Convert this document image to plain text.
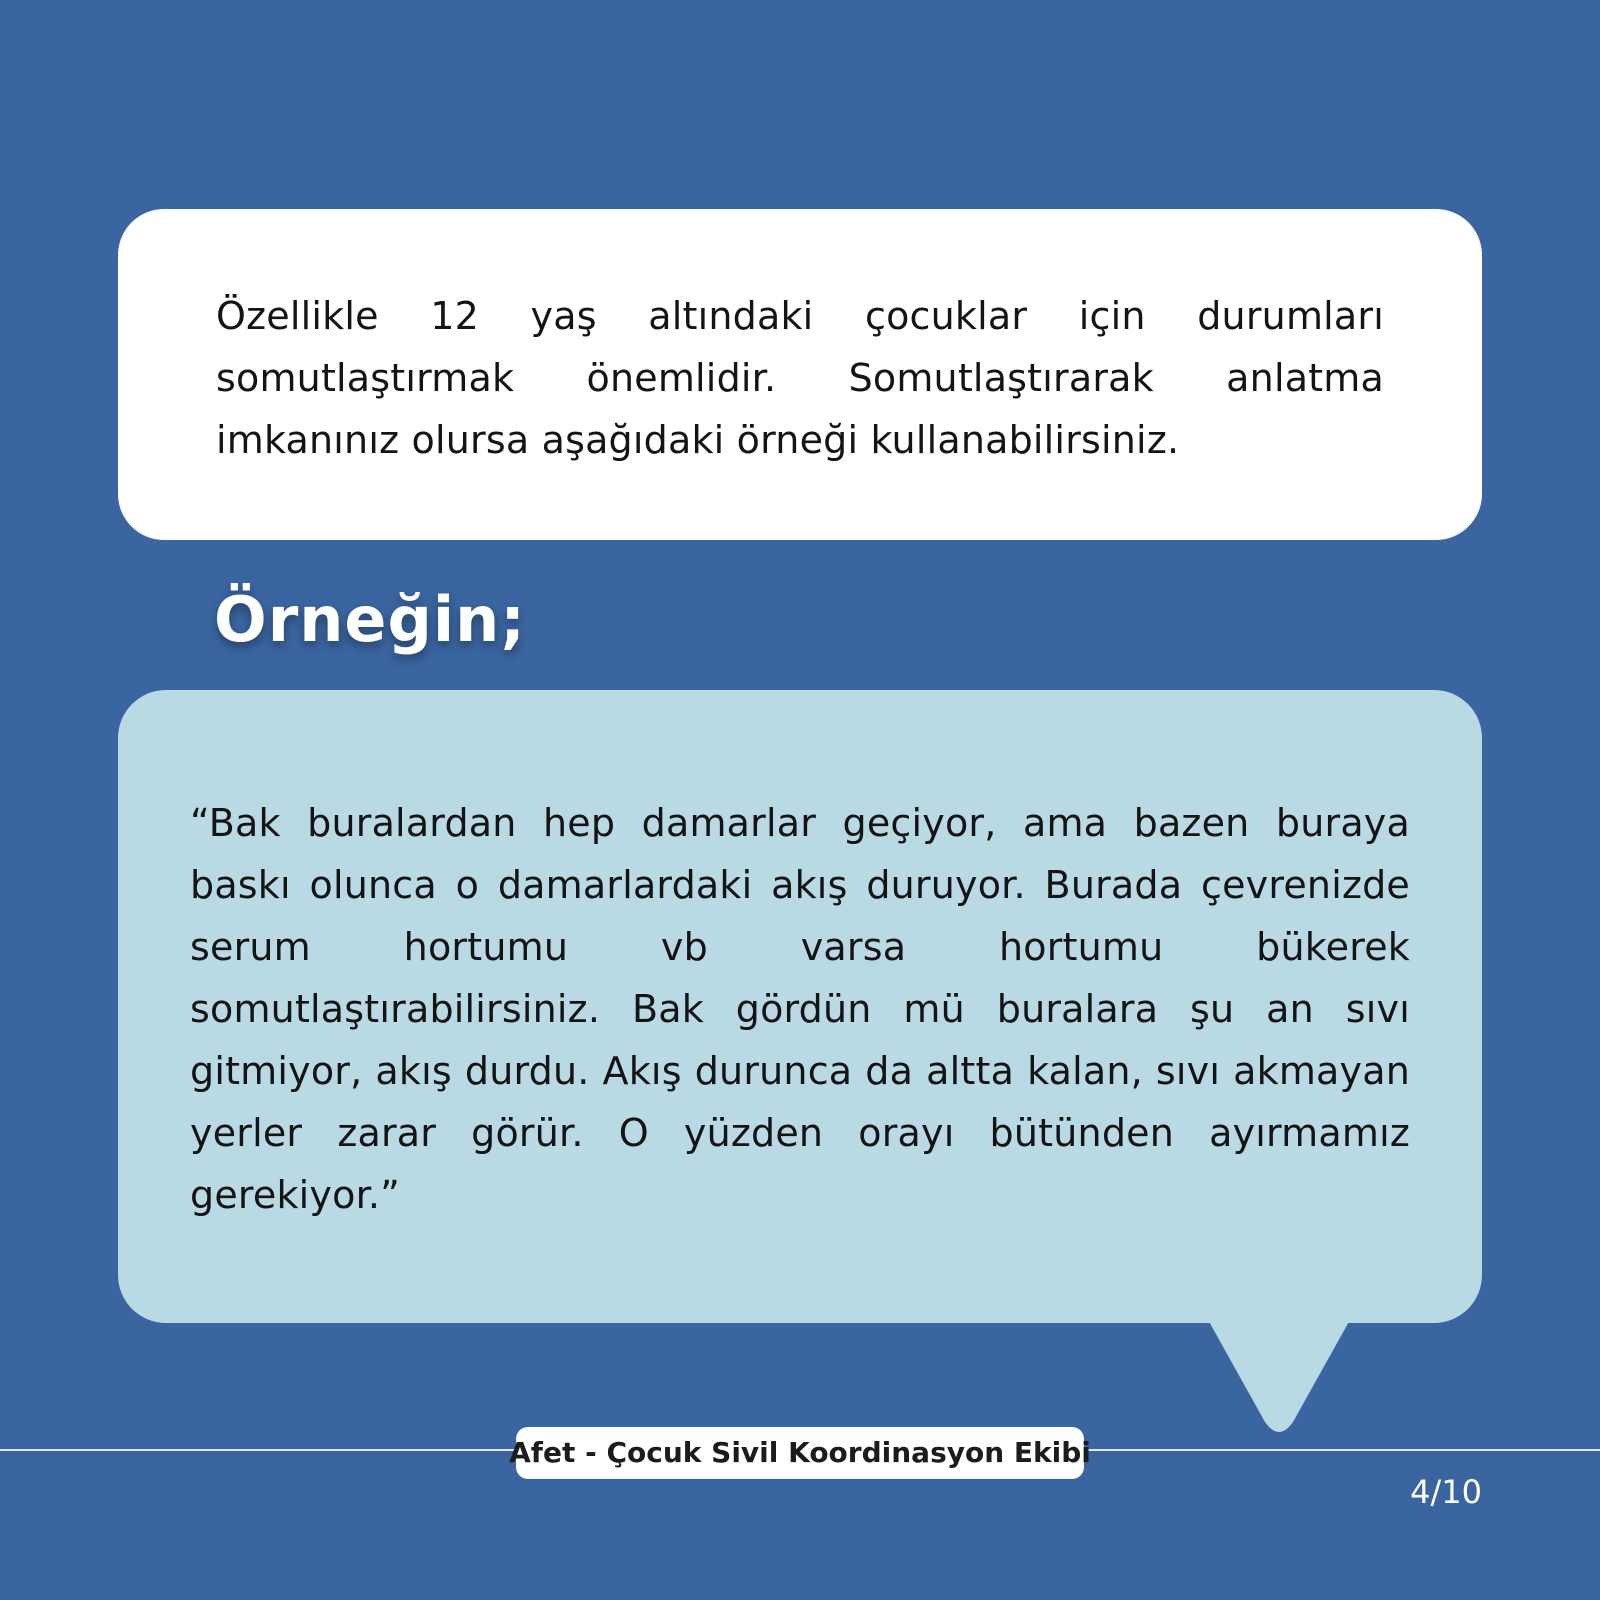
Özellikle 12 yaş altındaki çocuklar için durumları somutlaştırmak önemlidir. Somutlaştırarak anlatma imkanınız olursa aşağıdaki örneği kullanabilirsiniz.

Örneğin;

“Bak buralardan hep damarlar geçiyor, ama bazen buraya baskı olunca o damarlardaki akış duruyor. Burada çevrenizde serum hortumu vb varsa hortumu bükerek somutlaştırabilirsiniz. Bak gördün mü buralara şu an sıvı gitmiyor, akış durdu. Akış durunca da altta kalan, sıvı akmayan yerler zarar görür. O yüzden orayı bütünden ayırmamız gerekiyor.”

Afet - Çocuk Sivil Koordinasyon Ekibi
4/10
